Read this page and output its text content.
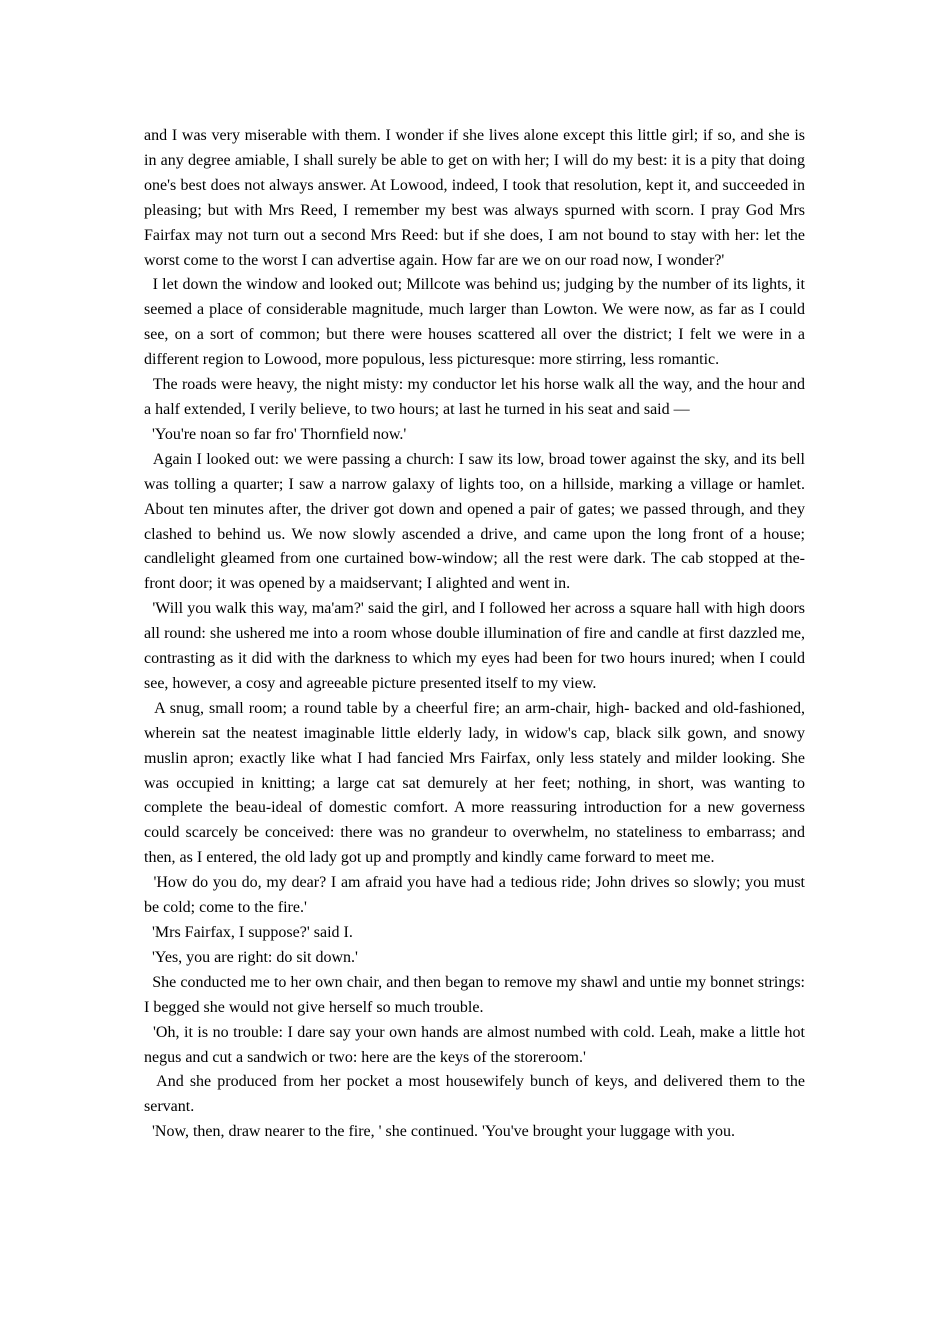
and I was very miserable with them. I wonder if she lives alone except this little girl; if so, and she is in any degree amiable, I shall surely be able to get on with her; I will do my best: it is a pity that doing one's best does not always answer. At Lowood, indeed, I took that resolution, kept it, and succeeded in pleasing; but with Mrs Reed, I remember my best was always spurned with scorn. I pray God Mrs Fairfax may not turn out a second Mrs Reed: but if she does, I am not bound to stay with her: let the worst come to the worst I can advertise again. How far are we on our road now, I wonder?'

I let down the window and looked out; Millcote was behind us; judging by the number of its lights, it seemed a place of considerable magnitude, much larger than Lowton. We were now, as far as I could see, on a sort of common; but there were houses scattered all over the district; I felt we were in a different region to Lowood, more populous, less picturesque: more stirring, less romantic.

The roads were heavy, the night misty: my conductor let his horse walk all the way, and the hour and a half extended, I verily believe, to two hours; at last he turned in his seat and said —

'You're noan so far fro' Thornfield now.'

Again I looked out: we were passing a church: I saw its low, broad tower against the sky, and its bell was tolling a quarter; I saw a narrow galaxy of lights too, on a hillside, marking a village or hamlet. About ten minutes after, the driver got down and opened a pair of gates; we passed through, and they clashed to behind us. We now slowly ascended a drive, and came upon the long front of a house; candlelight gleamed from one curtained bow-window; all the rest were dark. The cab stopped at the- front door; it was opened by a maidservant; I alighted and went in.

'Will you walk this way, ma'am?' said the girl, and I followed her across a square hall with high doors all round: she ushered me into a room whose double illumination of fire and candle at first dazzled me, contrasting as it did with the darkness to which my eyes had been for two hours inured; when I could see, however, a cosy and agreeable picture presented itself to my view.

A snug, small room; a round table by a cheerful fire; an arm-chair, high- backed and old-fashioned, wherein sat the neatest imaginable little elderly lady, in widow's cap, black silk gown, and snowy muslin apron; exactly like what I had fancied Mrs Fairfax, only less stately and milder looking. She was occupied in knitting; a large cat sat demurely at her feet; nothing, in short, was wanting to complete the beau-ideal of domestic comfort. A more reassuring introduction for a new governess could scarcely be conceived: there was no grandeur to overwhelm, no stateliness to embarrass; and then, as I entered, the old lady got up and promptly and kindly came forward to meet me.

'How do you do, my dear? I am afraid you have had a tedious ride; John drives so slowly; you must be cold; come to the fire.'

'Mrs Fairfax, I suppose?' said I.

'Yes, you are right: do sit down.'

She conducted me to her own chair, and then began to remove my shawl and untie my bonnet strings: I begged she would not give herself so much trouble.

'Oh, it is no trouble: I dare say your own hands are almost numbed with cold. Leah, make a little hot negus and cut a sandwich or two: here are the keys of the storeroom.'

And she produced from her pocket a most housewifely bunch of keys, and delivered them to the servant.

'Now, then, draw nearer to the fire, ' she continued. 'You've brought your luggage with you.
